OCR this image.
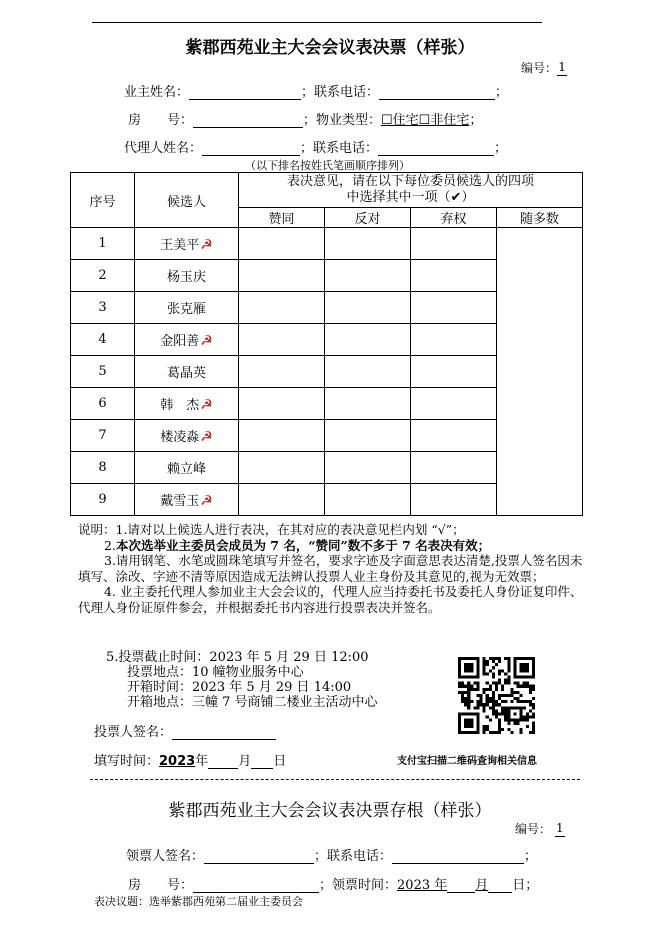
紫郡西苑业主大会会议表决票（样张）
编号：1
业主姓名：	；联系电话：	；
房　　号：	；物业类型：☐住宅☐非住宅；
代理人姓名：	；联系电话：	；
（以下排名按姓氏笔画顺序排列）
序号	候选人	表决意见，请在以下每位委员候选人的四项
中选择其中一项（✔）			
		赞同	反对	弃权	随多数
1	王美平☭				
2	杨玉庆				
3	张克雁				
4	金阳善☭				
5	葛晶英				
6	韩　杰☭				
7	楼凌淼☭				
8	赖立峰				
9	戴雪玉☭				

说明：1.请对以上候选人进行表决，在其对应的表决意见栏内划 “√”；

2.本次选举业主委员会成员为 7 名，“赞同”数不多于 7 名表决有效；

3.请用钢笔、水笔或圆珠笔填写并签名，要求字迹及字面意思表达清楚,投票人签名因未填写、涂改、字迹不清等原因造成无法辨认投票人业主身份及其意见的,视为无效票；

4. 业主委托代理人参加业主大会会议的，代理人应当持委托书及委托人身份证复印件、代理人身份证原件参会，并根据委托书内容进行投票表决并签名。

5.投票截止时间：2023 年 5 月 29 日 12:00
投票地点：10 幢物业服务中心
开箱时间：2023 年 5 月 29 日 14:00
开箱地点：三幢 7 号商铺二楼业主活动中心
投票人签名：
填写时间：2023年 月 日	支付宝扫描二维码查询相关信息
紫郡西苑业主大会会议表决票存根（样张）
编号： 1
领票人签名：	；联系电话：	；
房　　号：	；领票时间：2023 年 月 日；
表决议题：选举紫郡西苑第二届业主委员会
